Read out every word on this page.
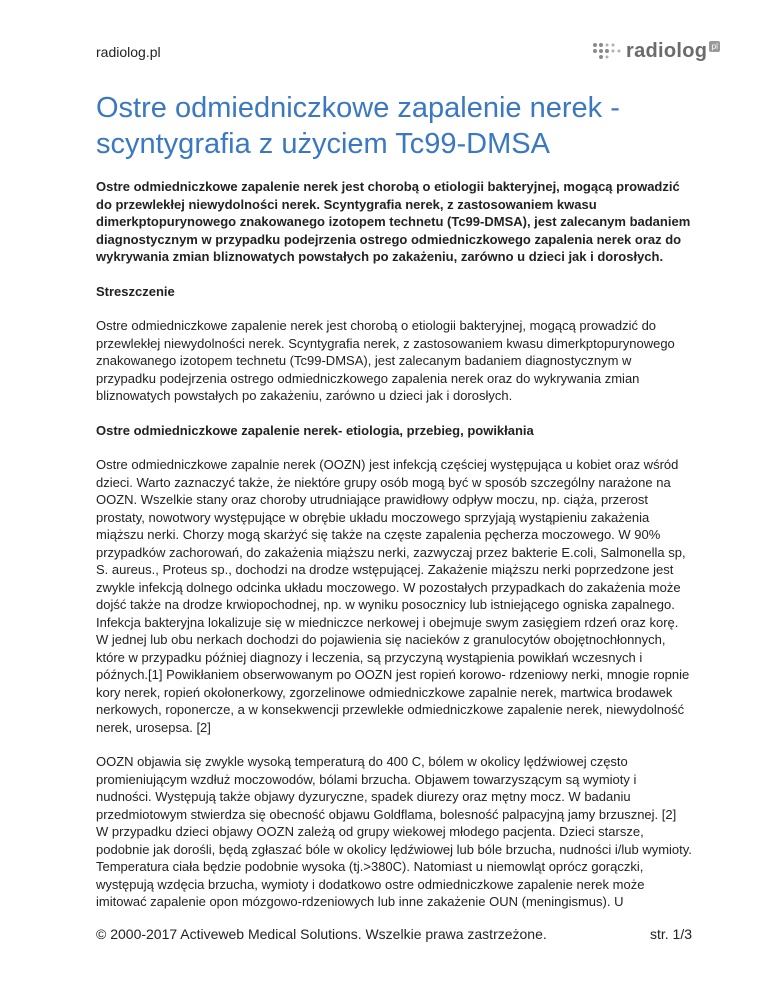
radiolog.pl	radiolog pl
Ostre odmiedniczkowe zapalenie nerek - scyntygrafia z użyciem Tc99-DMSA

Ostre odmiedniczkowe zapalenie nerek jest chorobą o etiologii bakteryjnej, mogącą prowadzić do przewlekłej niewydolności nerek. Scyntygrafia nerek, z zastosowaniem kwasu dimerkptopurynowego znakowanego izotopem technetu (Tc99-DMSA), jest zalecanym badaniem diagnostycznym w przypadku podejrzenia ostrego odmiedniczkowego zapalenia nerek oraz do wykrywania zmian bliznowatych powstałych po zakażeniu, zarówno u dzieci jak i dorosłych.

Streszczenie

Ostre odmiedniczkowe zapalenie nerek jest chorobą o etiologii bakteryjnej, mogącą prowadzić do przewlekłej niewydolności nerek. Scyntygrafia nerek, z zastosowaniem kwasu dimerkptopurynowego znakowanego izotopem technetu (Tc99-DMSA), jest zalecanym badaniem diagnostycznym w przypadku podejrzenia ostrego odmiedniczkowego zapalenia nerek oraz do wykrywania zmian bliznowatych powstałych po zakażeniu, zarówno u dzieci jak i dorosłych.

Ostre odmiedniczkowe zapalenie nerek- etiologia, przebieg, powikłania

Ostre odmiedniczkowe zapalnie nerek (OOZN) jest infekcją częściej występująca u kobiet oraz wśród dzieci. Warto zaznaczyć także, że niektóre grupy osób mogą być w sposób szczególny narażone na OOZN. Wszelkie stany oraz choroby utrudniające prawidłowy odpływ moczu, np. ciąża, przerost prostaty, nowotwory występujące w obrębie układu moczowego sprzyjają wystąpieniu zakażenia miąższu nerki. Chorzy mogą skarżyć się także na częste zapalenia pęcherza moczowego. W 90% przypadków zachorowań, do zakażenia miąższu nerki, zazwyczaj przez bakterie E.coli, Salmonella sp, S. aureus., Proteus sp., dochodzi na drodze wstępującej. Zakażenie miąższu nerki poprzedzone jest zwykle infekcją dolnego odcinka układu moczowego. W pozostałych przypadkach do zakażenia może dojść także na drodze krwiopochodnej, np. w wyniku posocznicy lub istniejącego ogniska zapalnego. Infekcja bakteryjna lokalizuje się w miedniczce nerkowej i obejmuje swym zasięgiem rdzeń oraz korę. W jednej lub obu nerkach dochodzi do pojawienia się nacieków z granulocytów obojętnochłonnych, które w przypadku później diagnozy i leczenia, są przyczyną wystąpienia powikłań wczesnych i późnych.[1] Powikłaniem obserwowanym po OOZN jest ropień korowo- rdzeniowy nerki, mnogie ropnie kory nerek, ropień okołonerkowy, zgorzelinowe odmiedniczkowe zapalnie nerek, martwica brodawek nerkowych, roponercze, a w konsekwencji przewlekłe odmiedniczkowe zapalenie nerek, niewydolność nerek, urosepsa. [2]

OOZN objawia się zwykle wysoką temperaturą do 400 C, bólem w okolicy lędźwiowej często promieniującym wzdłuż moczowodów, bólami brzucha. Objawem towarzyszącym są wymioty i nudności. Występują także objawy dyzuryczne, spadek diurezy oraz mętny mocz. W badaniu przedmiotowym stwierdza się obecność objawu Goldflama, bolesność palpacyjną jamy brzusznej. [2] W przypadku dzieci objawy OOZN zależą od grupy wiekowej młodego pacjenta. Dzieci starsze, podobnie jak dorośli, będą zgłaszać bóle w okolicy lędźwiowej lub bóle brzucha, nudności i/lub wymioty. Temperatura ciała będzie podobnie wysoka (tj.>380C). Natomiast u niemowląt oprócz gorączki, występują wzdęcia brzucha, wymioty i dodatkowo ostre odmiedniczkowe zapalenie nerek może imitować zapalenie opon mózgowo-rdzeniowych lub inne zakażenie OUN (meningismus). U

© 2000-2017 Activeweb Medical Solutions. Wszelkie prawa zastrzeżone.	str. 1/3
